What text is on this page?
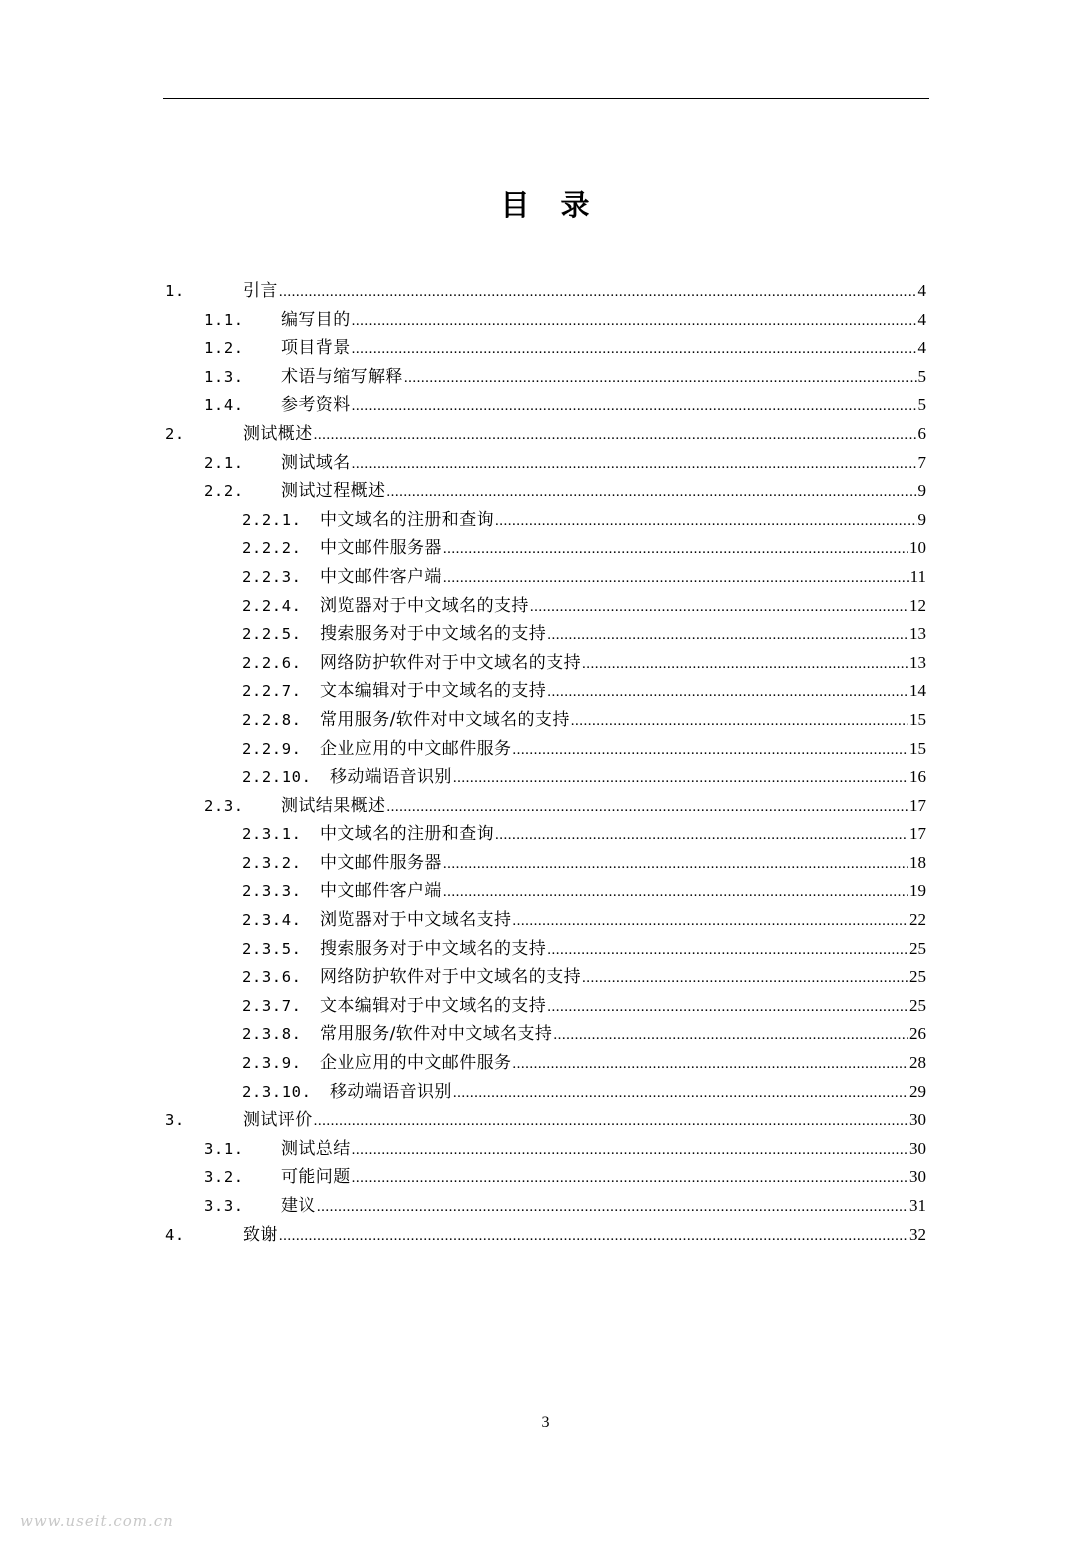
目　录
1.	引言 .....	4
1.1. 编写目的 .....	4
1.2. 项目背景 .....	4
1.3. 术语与缩写解释 .....	5
1.4. 参考资料 .....	5
2.	测试概述 .....	6
2.1. 测试域名 .....	7
2.2. 测试过程概述 .....	9
2.2.1. 中文域名的注册和查询 .....	9
2.2.2. 中文邮件服务器 .....	10
2.2.3. 中文邮件客户端 .....	11
2.2.4. 浏览器对于中文域名的支持 .....	12
2.2.5. 搜索服务对于中文域名的支持 .....	13
2.2.6. 网络防护软件对于中文域名的支持 .....	13
2.2.7. 文本编辑对于中文域名的支持 .....	14
2.2.8. 常用服务/软件对中文域名的支持 .....	15
2.2.9. 企业应用的中文邮件服务 .....	15
2.2.10. 移动端语音识别 .....	16
2.3. 测试结果概述 .....	17
2.3.1. 中文域名的注册和查询 .....	17
2.3.2. 中文邮件服务器 .....	18
2.3.3. 中文邮件客户端 .....	19
2.3.4. 浏览器对于中文域名支持 .....	22
2.3.5. 搜索服务对于中文域名的支持 .....	25
2.3.6. 网络防护软件对于中文域名的支持 .....	25
2.3.7. 文本编辑对于中文域名的支持 .....	25
2.3.8. 常用服务/软件对中文域名支持 .....	26
2.3.9. 企业应用的中文邮件服务 .....	28
2.3.10. 移动端语音识别 .....	29
3.	测试评价 .....	30
3.1. 测试总结 .....	30
3.2. 可能问题 .....	30
3.3. 建议 .....	31
4.	致谢 .....	32
3
www.useit.com.cn
